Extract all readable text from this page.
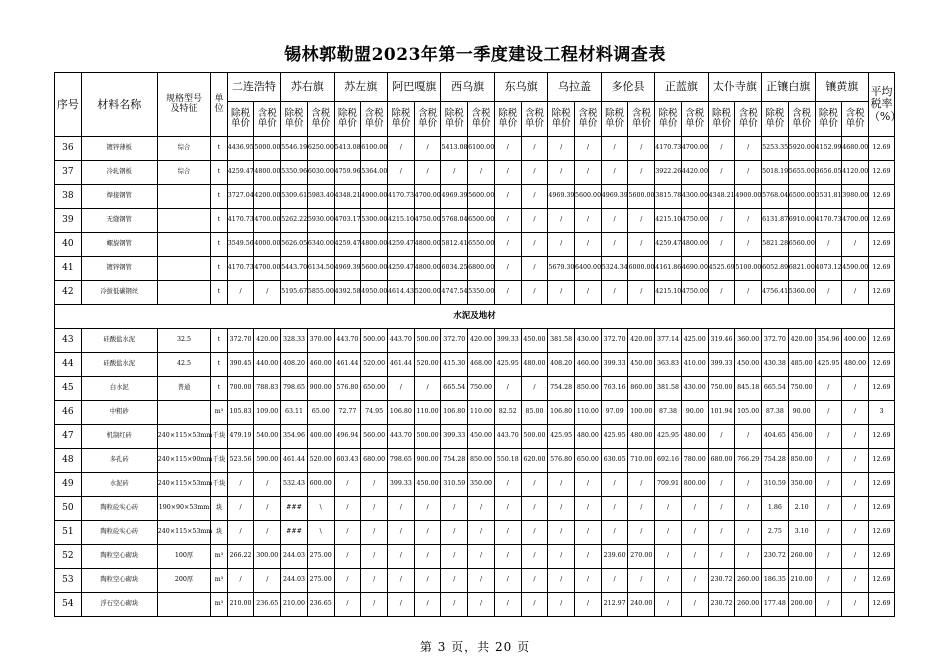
锡林郭勒盟2023年第一季度建设工程材料调查表
序号	材料名称	规格型号及特征	单位	二连浩特		苏右旗		苏左旗		阿巴嘎旗		西乌旗		东乌旗		乌拉盖		多伦县		正蓝旗		太仆寺旗		正镶白旗		镶黄旗		平均税率（%）
				除税单价	含税单价	除税单价	含税单价	除税单价	含税单价	除税单价	含税单价	除税单价	含税单价	除税单价	含税单价	除税单价	含税单价	除税单价	含税单价	除税单价	含税单价	除税单价	含税单价	除税单价	含税单价	除税单价	含税单价	
36	镀锌薄板	综合	t	4436.95	5000.00	5546.19	6250.00	5413.08	6100.00	/	/	5413.08	6100.00	/	/	/	/	/	/	4170.73	4700.00	/	/	5253.35	5920.00	4152.99	4680.00	12.69
37	冷轧钢板	综合	t	4259.47	4800.00	5350.96	6030.00	4759.96	5364.00	/	/	/	/	/	/	/	/	/	/	3922.26	4420.00	/	/	5018.19	5655.00	3656.05	4120.00	12.69
38	焊接钢管		t	3727.04	4200.00	5309.61	5983.40	4348.21	4900.00	4170.73	4700.00	4969.39	5600.00	/	/	4969.39	5600.00	4969.39	5600.00	3815.78	4300.00	4348.21	4900.00	5768.04	6500.00	3531.81	3980.00	12.69
39	无缝钢管		t	4170.73	4700.00	5262.22	5930.00	4703.17	5300.00	4215.10	4750.00	5768.04	6500.00	/	/	/	/	/	/	4215.10	4750.00	/	/	6131.87	6910.00	4170.73	4700.00	12.69
40	螺旋钢管		t	3549.56	4000.00	5626.05	6340.00	4259.47	4800.00	4259.47	4800.00	5812.41	6550.00	/	/	/	/	/	/	4259.47	4800.00	/	/	5821.28	6560.00	/	/	12.69
41	镀锌钢管		t	4170.73	4700.00	5443.70	6134.50	4969.39	5600.00	4259.47	4800.00	6034.25	6800.00	/	/	5679.30	6400.00	5324.34	6000.00	4161.86	4690.00	4525.69	5100.00	6052.89	6821.00	4073.12	4590.00	12.69
42	冷拔低碳钢丝		t	/	/	5195.67	5855.00	4392.58	4950.00	4614.43	5200.00	4747.54	5350.00	/	/	/	/	/	/	4215.10	4750.00	/	/	4756.41	5360.00	/	/	12.69
水泥及地材																												
43	硅酸盐水泥	32.5	t	372.70	420.00	328.33	370.00	443.70	500.00	443.70	500.00	372.70	420.00	399.33	450.00	381.58	430.00	372.70	420.00	377.14	425.00	319.46	360.00	372.70	420.00	354.96	400.00	12.69
44	硅酸盐水泥	42.5	t	390.45	440.00	408.20	460.00	461.44	520.00	461.44	520.00	415.30	468.00	425.95	480.00	408.20	460.00	399.33	450.00	363.83	410.00	399.33	450.00	430.38	485.00	425.95	480.00	12.69
45	白水泥	普通	t	700.00	788.83	798.65	900.00	576.80	650.00	/	/	665.54	750.00	/	/	754.28	850.00	763.16	860.00	381.58	430.00	750.00	845.18	665.54	750.00	/	/	12.69
46	中粗砂		m³	105.83	109.00	63.11	65.00	72.77	74.95	106.80	110.00	106.80	110.00	82.52	85.00	106.80	110.00	97.09	100.00	87.38	90.00	101.94	105.00	87.38	90.00	/	/	3
47	机制红砖	240×115×53mm	千块	479.19	540.00	354.96	400.00	496.94	560.00	443.70	500.00	399.33	450.00	443.70	500.00	425.95	480.00	425.95	480.00	425.95	480.00	/	/	404.65	456.00	/	/	12.69
48	多孔砖	240×115×90mm	千块	523.56	590.00	461.44	520.00	603.43	680.00	798.65	900.00	754.28	850.00	550.18	620.00	576.80	650.00	630.05	710.00	692.16	780.00	680.00	766.29	754.28	850.00	/	/	12.69
49	水泥砖	240×115×53mm	千块	/	/	532.43	600.00	/	/	399.33	450.00	310.59	350.00	/	/	/	/	/	/	709.91	800.00	/	/	310.59	350.00	/	/	12.69
50	陶粒砼实心砖	190×90×53mm	块	/	/	###	\	/	/	/	/	/	/	/	/	/	/	/	/	/	/	/	/	1.86	2.10	/	/	12.69
51	陶粒砼实心砖	240×115×53mm	块	/	/	###	\	/	/	/	/	/	/	/	/	/	/	/	/	/	/	/	/	2.75	3.10	/	/	12.69
52	陶粒空心砌块	100厚	m³	266.22	300.00	244.03	275.00	/	/	/	/	/	/	/	/	/	/	239.60	270.00	/	/	/	/	230.72	260.00	/	/	12.69
53	陶粒空心砌块	200厚	m³	/	/	244.03	275.00	/	/	/	/	/	/	/	/	/	/	/	/	/	/	230.72	260.00	186.35	210.00	/	/	12.69
54	浮石空心砌块		m³	210.00	236.65	210.00	236.65	/	/	/	/	/	/	/	/	/	/	212.97	240.00	/	/	230.72	260.00	177.48	200.00	/	/	12.69
第 3 页，共 20 页
